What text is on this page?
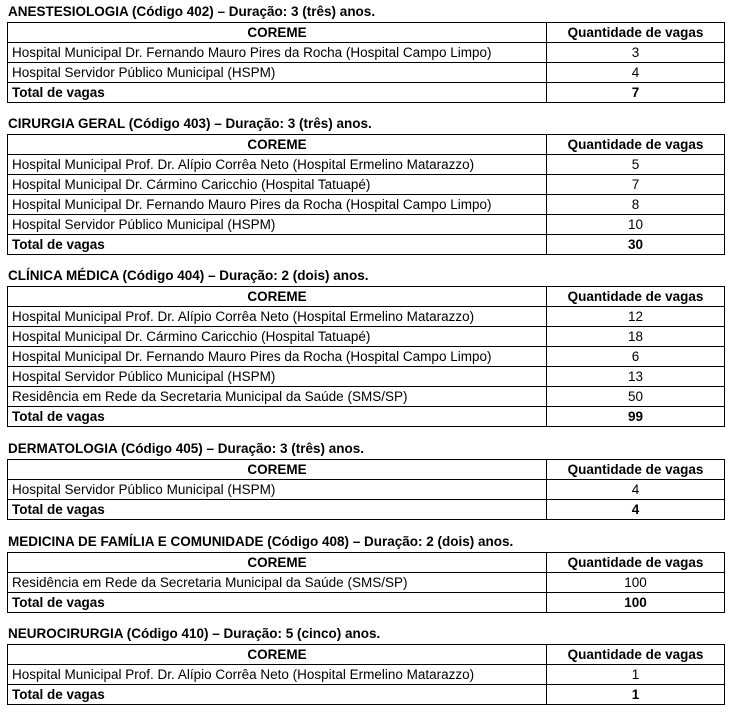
ANESTESIOLOGIA (Código 402) – Duração: 3 (três) anos.
COREME	Quantidade de vagas
Hospital Municipal Dr. Fernando Mauro Pires da Rocha (Hospital Campo Limpo)	3
Hospital Servidor Público Municipal (HSPM)	4
Total de vagas	7
CIRURGIA GERAL (Código 403) – Duração: 3 (três) anos.
COREME	Quantidade de vagas
Hospital Municipal Prof. Dr. Alípio Corrêa Neto (Hospital Ermelino Matarazzo)	5
Hospital Municipal Dr. Cármino Caricchio (Hospital Tatuapé)	7
Hospital Municipal Dr. Fernando Mauro Pires da Rocha (Hospital Campo Limpo)	8
Hospital Servidor Público Municipal (HSPM)	10
Total de vagas	30
CLÍNICA MÉDICA (Código 404) – Duração: 2 (dois) anos.
COREME	Quantidade de vagas
Hospital Municipal Prof. Dr. Alípio Corrêa Neto (Hospital Ermelino Matarazzo)	12
Hospital Municipal Dr. Cármino Caricchio (Hospital Tatuapé)	18
Hospital Municipal Dr. Fernando Mauro Pires da Rocha (Hospital Campo Limpo)	6
Hospital Servidor Público Municipal (HSPM)	13
Residência em Rede da Secretaria Municipal da Saúde (SMS/SP)	50
Total de vagas	99
DERMATOLOGIA (Código 405) – Duração: 3 (três) anos.
COREME	Quantidade de vagas
Hospital Servidor Público Municipal (HSPM)	4
Total de vagas	4
MEDICINA DE FAMÍLIA E COMUNIDADE (Código 408) – Duração: 2 (dois) anos.
COREME	Quantidade de vagas
Residência em Rede da Secretaria Municipal da Saúde (SMS/SP)	100
Total de vagas	100
NEUROCIRURGIA (Código 410) – Duração: 5 (cinco) anos.
COREME	Quantidade de vagas
Hospital Municipal Prof. Dr. Alípio Corrêa Neto (Hospital Ermelino Matarazzo)	1
Total de vagas	1
